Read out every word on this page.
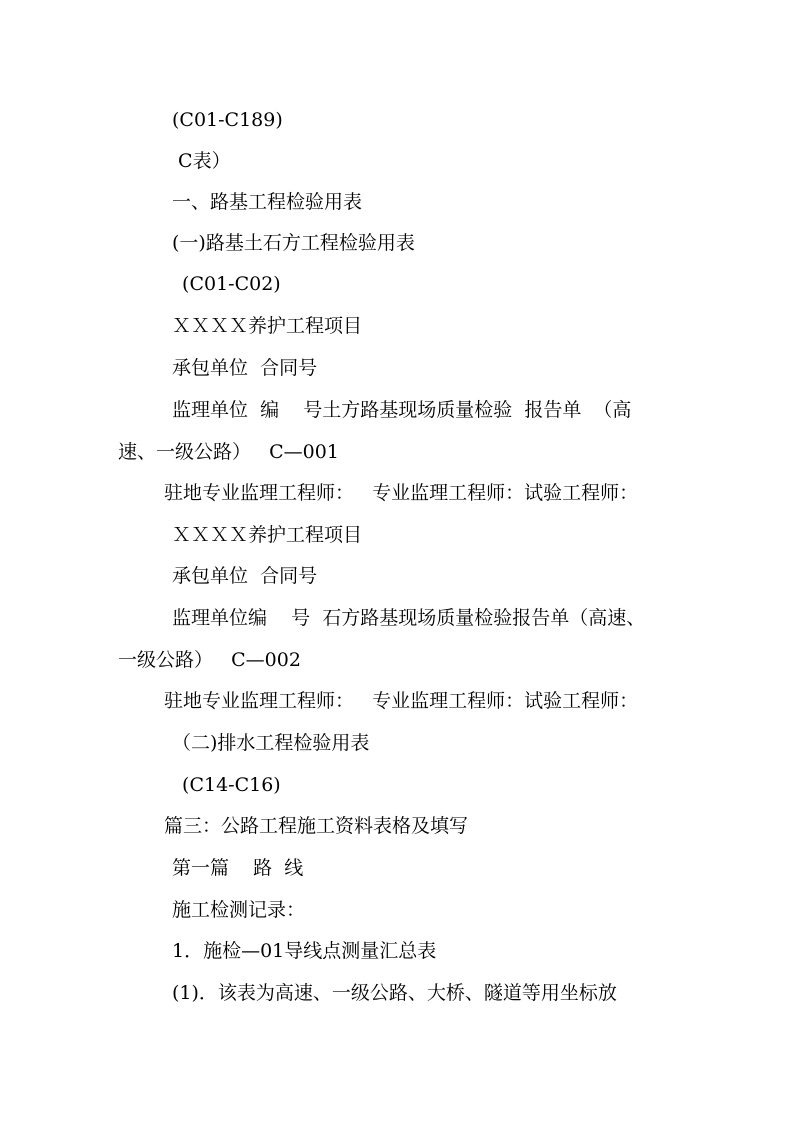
(C01-C189)
C表）
一、路基工程检验用表
(一)路基土石方工程检验用表
(C01-C02)
ＸＸＸＸ养护工程项目
承包单位  合同号
监理单位  编    号土方路基现场质量检验  报告单  （高
速、一级公路）   C—001
驻地专业监理工程师：   专业监理工程师：试验工程师：
ＸＸＸＸ养护工程项目
承包单位  合同号
监理单位编    号  石方路基现场质量检验报告单（高速、
一级公路）   C—002
驻地专业监理工程师：   专业监理工程师：试验工程师：
（二)排水工程检验用表
(C14-C16)
篇三：公路工程施工资料表格及填写
第一篇    路  线
施工检测记录：
1．施检—01导线点测量汇总表
(1)．该表为高速、一级公路、大桥、隧道等用坐标放
